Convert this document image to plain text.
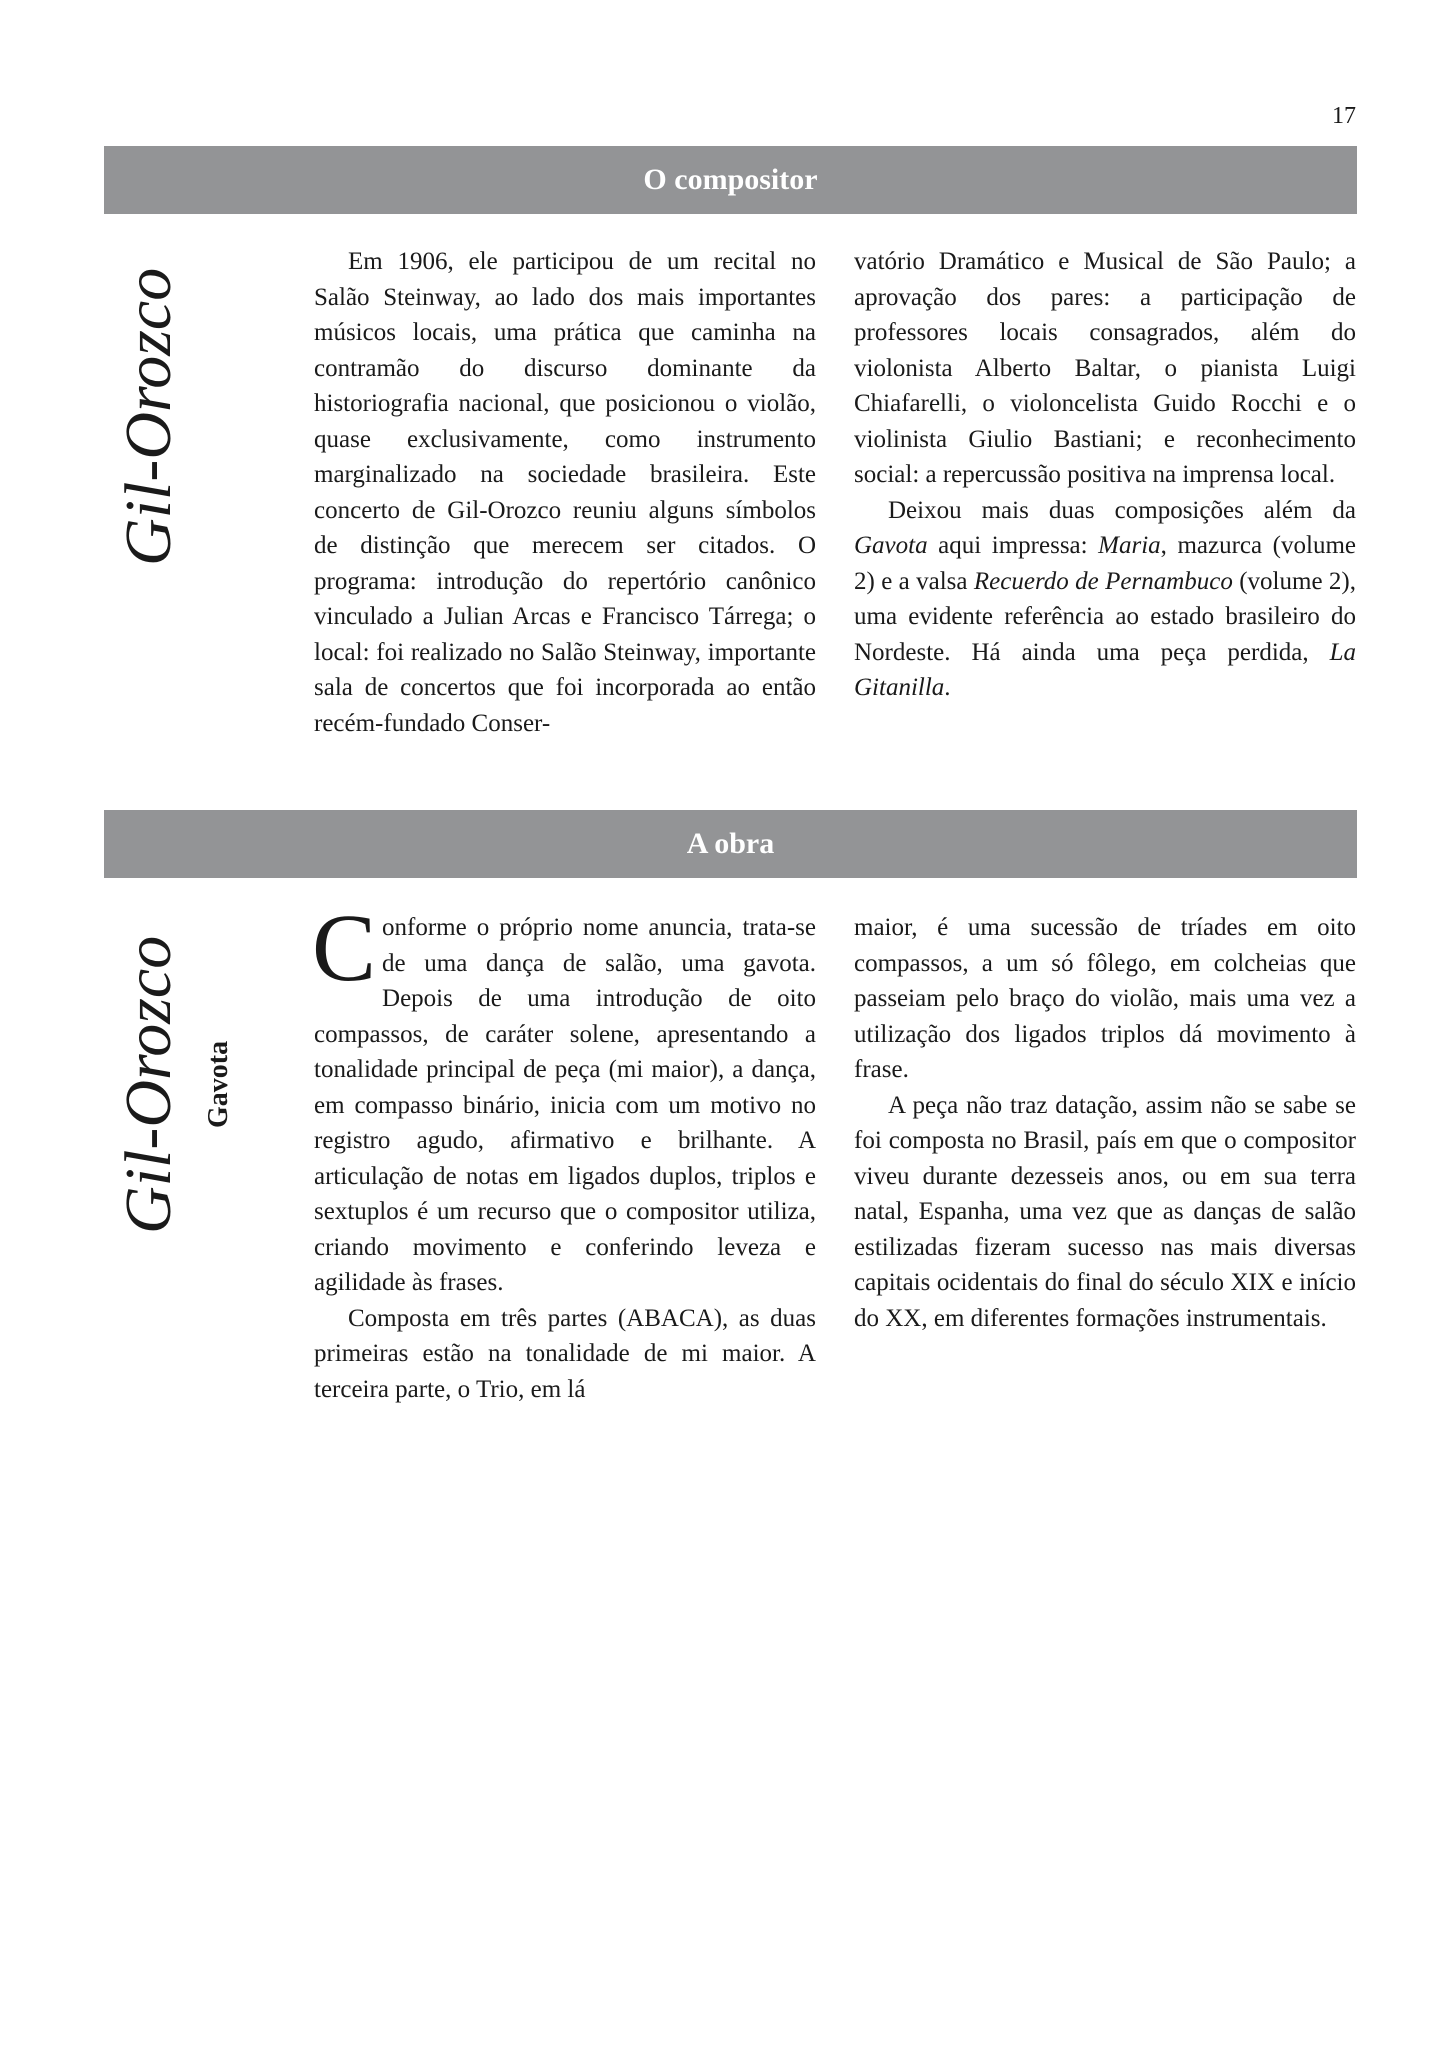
17
O compositor
Gil-Orozco

Em 1906, ele participou de um recital no Salão Steinway, ao lado dos mais importantes músicos locais, uma prática que caminha na contramão do discurso dominante da historiografia nacional, que posicionou o violão, quase exclusivamente, como instrumento marginalizado na sociedade brasileira. Este concerto de Gil-Orozco reuniu alguns símbolos de distinção que merecem ser citados. O programa: introdução do repertório canônico vinculado a Julian Arcas e Francisco Tárrega; o local: foi realizado no Salão Steinway, importante sala de concertos que foi incorporada ao então recém-fundado Conser-

vatório Dramático e Musical de São Paulo; a aprovação dos pares: a participação de professores locais consagrados, além do violonista Alberto Baltar, o pianista Luigi Chiafarelli, o violoncelista Guido Rocchi e o violinista Giulio Bastiani; e reconhecimento social: a repercussão positiva na imprensa local.

Deixou mais duas composições além da Gavota aqui impressa: Maria, mazurca (volume 2) e a valsa Recuerdo de Pernambuco (volume 2), uma evidente referência ao estado brasileiro do Nordeste. Há ainda uma peça perdida, La Gitanilla.

A obra
Gil-Orozco Gavota

Conforme o próprio nome anuncia, trata-se de uma dança de salão, uma gavota. Depois de uma introdução de oito compassos, de caráter solene, apresentando a tonalidade principal de peça (mi maior), a dança, em compasso binário, inicia com um motivo no registro agudo, afirmativo e brilhante. A articulação de notas em ligados duplos, triplos e sextuplos é um recurso que o compositor utiliza, criando movimento e conferindo leveza e agilidade às frases.

Composta em três partes (ABACA), as duas primeiras estão na tonalidade de mi maior. A terceira parte, o Trio, em lá

maior, é uma sucessão de tríades em oito compassos, a um só fôlego, em colcheias que passeiam pelo braço do violão, mais uma vez a utilização dos ligados triplos dá movimento à frase.

A peça não traz datação, assim não se sabe se foi composta no Brasil, país em que o compositor viveu durante dezesseis anos, ou em sua terra natal, Espanha, uma vez que as danças de salão estilizadas fizeram sucesso nas mais diversas capitais ocidentais do final do século XIX e início do XX, em diferentes formações instrumentais.
